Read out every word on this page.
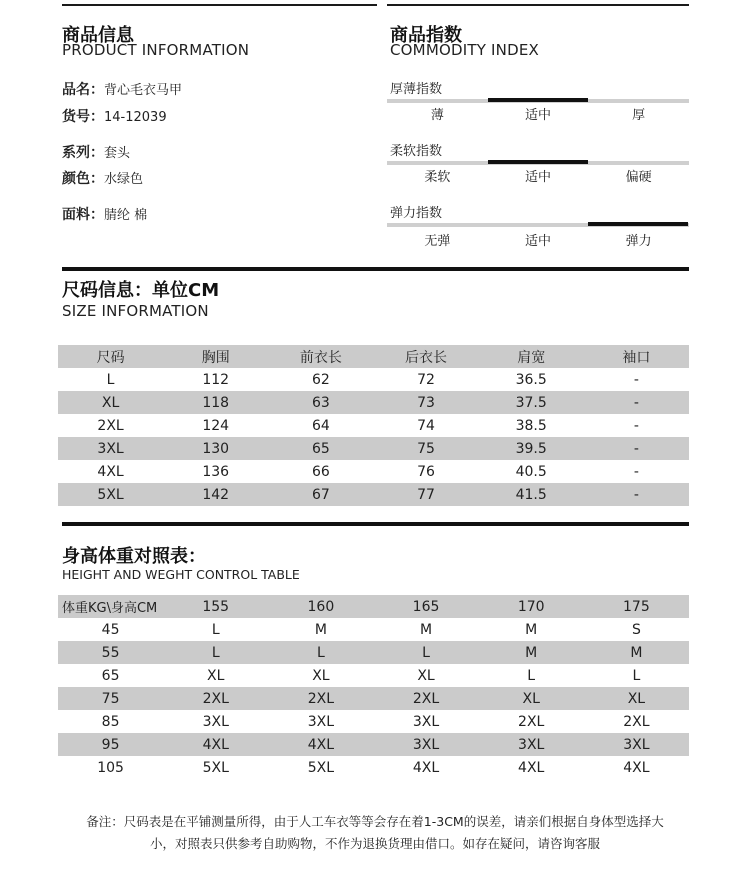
商品信息
PRODUCT INFORMATION
品名：背心毛衣马甲
货号：14-12039
系列：套头
颜色：水绿色
面料：腈纶 棉
商品指数
COMMODITY INDEX
厚薄指数
薄	适中	厚
柔软指数
柔软	适中	偏硬
弹力指数
无弹	适中	弹力
尺码信息：单位CM
SIZE INFORMATION
尺码	胸围	前衣长	后衣长	肩宽	袖口
L	112	62	72	36.5	-
XL	118	63	73	37.5	-
2XL	124	64	74	38.5	-
3XL	130	65	75	39.5	-
4XL	136	66	76	40.5	-
5XL	142	67	77	41.5	-
身高体重对照表：
HEIGHT AND WEGHT CONTROL TABLE
体重KG\身高CM	155	160	165	170	175
45	L	M	M	M	S
55	L	L	L	M	M
65	XL	XL	XL	L	L
75	2XL	2XL	2XL	XL	XL
85	3XL	3XL	3XL	2XL	2XL
95	4XL	4XL	3XL	3XL	3XL
105	5XL	5XL	4XL	4XL	4XL
备注：尺码表是在平铺测量所得，由于人工车衣等等会存在着1-3CM的误差，请亲们根据自身体型选择大
小，对照表只供参考自助购物，不作为退换货理由借口。如存在疑问，请咨询客服
